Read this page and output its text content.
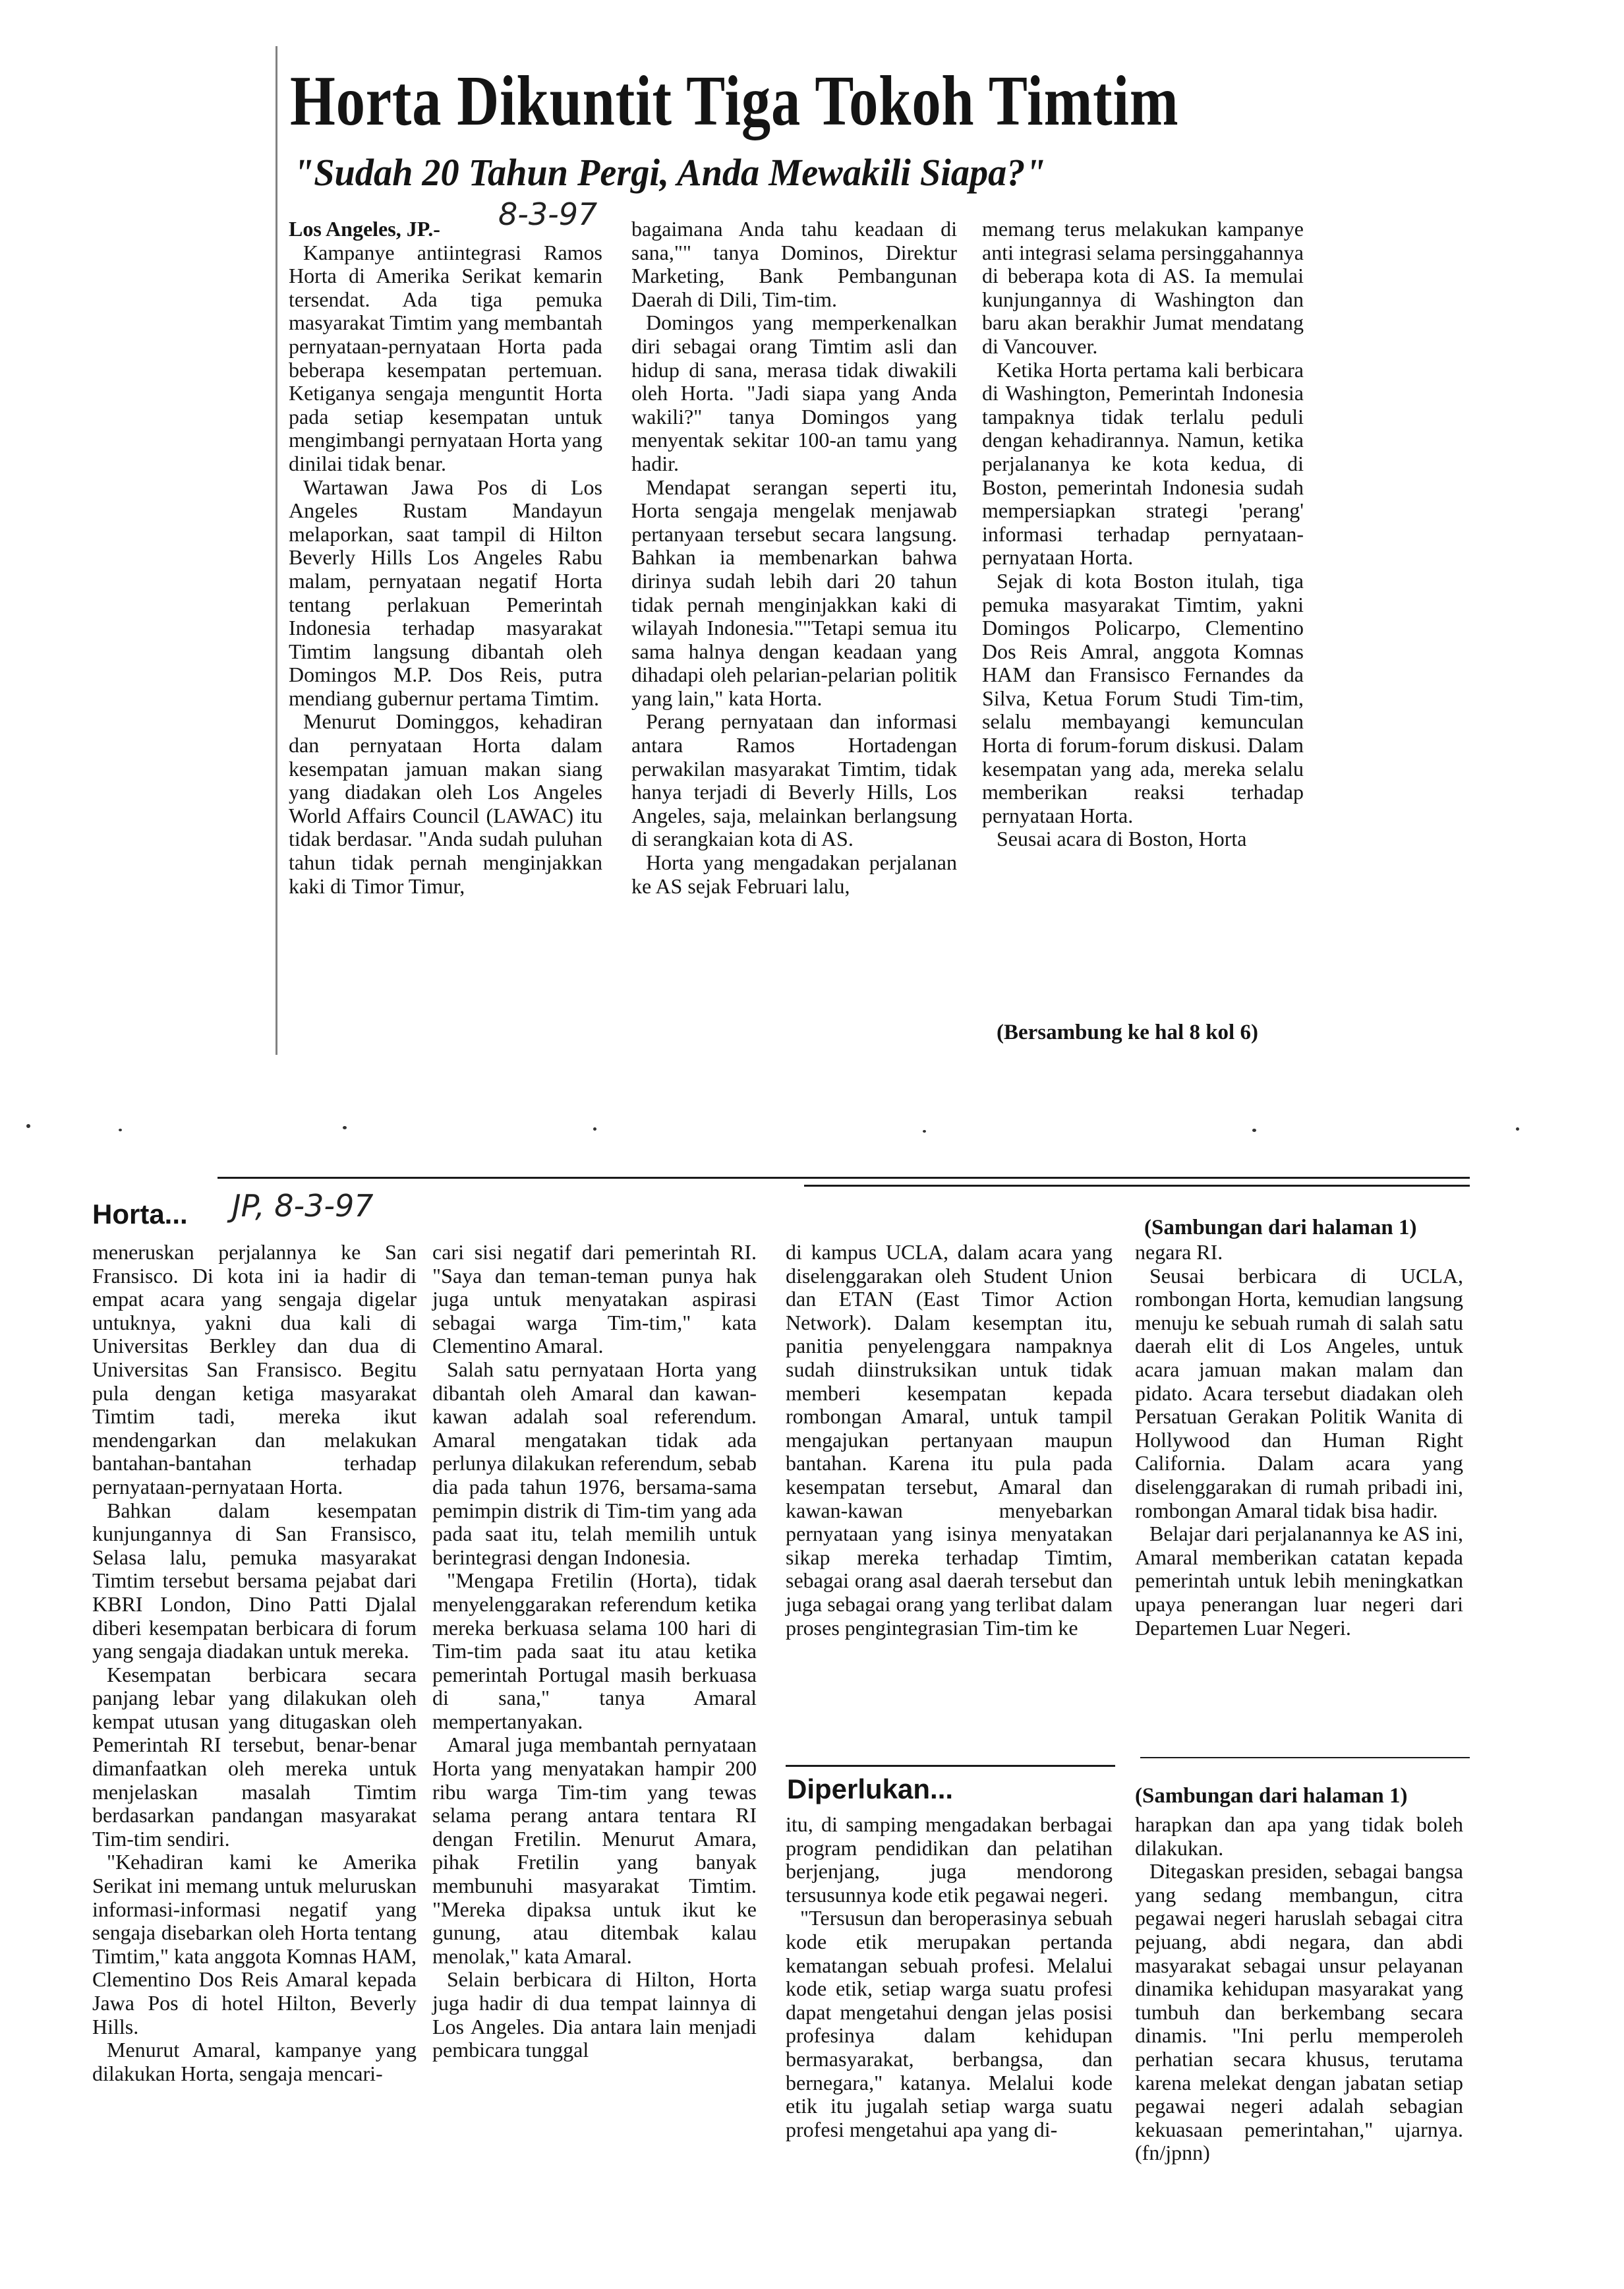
Horta Dikuntit Tiga Tokoh Timtim
"Sudah 20 Tahun Pergi, Anda Mewakili Siapa?"

Los Angeles, JP.-

Kampanye antiintegrasi Ramos Horta di Amerika Serikat kemarin tersendat. Ada tiga pemuka masyarakat Timtim yang membantah pernyataan-pernyataan Horta pada beberapa kesempatan pertemuan. Ketiganya sengaja menguntit Horta pada setiap kesempatan untuk mengimbangi pernyataan Horta yang dinilai tidak benar.

Wartawan Jawa Pos di Los Angeles Rustam Mandayun melaporkan, saat tampil di Hilton Beverly Hills Los Angeles Rabu malam, pernyataan negatif Horta tentang perlakuan Pemerintah Indonesia terhadap masyarakat Timtim langsung dibantah oleh Domingos M.P. Dos Reis, putra mendiang gubernur pertama Timtim.

Menurut Dominggos, kehadiran dan pernyataan Horta dalam kesempatan jamuan makan siang yang diadakan oleh Los Angeles World Affairs Council (LAWAC) itu tidak berdasar. "Anda sudah puluhan tahun tidak pernah menginjakkan kaki di Timor Timur,

8-3-97 bagaimana Anda tahu keadaan di sana,"" tanya Dominos, Direktur Marketing, Bank Pembangunan Daerah di Dili, Tim-tim.

Domingos yang memperkenalkan diri sebagai orang Timtim asli dan hidup di sana, merasa tidak diwakili oleh Horta. "Jadi siapa yang Anda wakili?" tanya Domingos yang menyentak sekitar 100-an tamu yang hadir.

Mendapat serangan seperti itu, Horta sengaja mengelak menjawab pertanyaan tersebut secara langsung. Bahkan ia membenarkan bahwa dirinya sudah lebih dari 20 tahun tidak pernah menginjakkan kaki di wilayah Indonesia.""Tetapi semua itu sama halnya dengan keadaan yang dihadapi oleh pelarian-pelarian politik yang lain," kata Horta.

Perang pernyataan dan informasi antara Ramos Hortadengan perwakilan masyarakat Timtim, tidak hanya terjadi di Beverly Hills, Los Angeles, saja, melainkan berlangsung di serangkaian kota di AS.

Horta yang mengadakan perjalanan ke AS sejak Februari lalu,

memang terus melakukan kampanye anti integrasi selama persinggahannya di beberapa kota di AS. Ia memulai kunjungannya di Washington dan baru akan berakhir Jumat mendatang di Vancouver.

Ketika Horta pertama kali berbicara di Washington, Pemerintah Indonesia tampaknya tidak terlalu peduli dengan kehadirannya. Namun, ketika perjalananya ke kota kedua, di Boston, pemerintah Indonesia sudah mempersiapkan strategi 'perang' informasi terhadap pernyataan-pernyataan Horta.

Sejak di kota Boston itulah, tiga pemuka masyarakat Timtim, yakni Domingos Policarpo, Clementino Dos Reis Amral, anggota Komnas HAM dan Fransisco Fernandes da Silva, Ketua Forum Studi Tim-tim, selalu membayangi kemunculan Horta di forum-forum diskusi. Dalam kesempatan yang ada, mereka selalu memberikan reaksi terhadap pernyataan Horta.

Seusai acara di Boston, Horta

(Bersambung ke hal 8 kol 6)
Horta... JP, 8-3-97

meneruskan perjalannya ke San Fransisco. Di kota ini ia hadir di empat acara yang sengaja digelar untuknya, yakni dua kali di Universitas Berkley dan dua di Universitas San Fransisco. Begitu pula dengan ketiga masyarakat Timtim tadi, mereka ikut mendengarkan dan melakukan bantahan-bantahan terhadap pernyataan-pernyataan Horta.

Bahkan dalam kesempatan kunjungannya di San Fransisco, Selasa lalu, pemuka masyarakat Timtim tersebut bersama pejabat dari KBRI London, Dino Patti Djalal diberi kesempatan berbicara di forum yang sengaja diadakan untuk mereka.

Kesempatan berbicara secara panjang lebar yang dilakukan oleh kempat utusan yang ditugaskan oleh Pemerintah RI tersebut, benar-benar dimanfaatkan oleh mereka untuk menjelaskan masalah Timtim berdasarkan pandangan masyarakat Tim-tim sendiri.

"Kehadiran kami ke Amerika Serikat ini memang untuk meluruskan informasi-informasi negatif yang sengaja disebarkan oleh Horta tentang Timtim," kata anggota Komnas HAM, Clementino Dos Reis Amaral kepada Jawa Pos di hotel Hilton, Beverly Hills.

Menurut Amaral, kampanye yang dilakukan Horta, sengaja mencari-

cari sisi negatif dari pemerintah RI. "Saya dan teman-teman punya hak juga untuk menyatakan aspirasi sebagai warga Tim-tim," kata Clementino Amaral.

Salah satu pernyataan Horta yang dibantah oleh Amaral dan kawan-kawan adalah soal referendum. Amaral mengatakan tidak ada perlunya dilakukan referendum, sebab dia pada tahun 1976, bersama-sama pemimpin distrik di Tim-tim yang ada pada saat itu, telah memilih untuk berintegrasi dengan Indonesia.

"Mengapa Fretilin (Horta), tidak menyelenggarakan referendum ketika mereka berkuasa selama 100 hari di Tim-tim pada saat itu atau ketika pemerintah Portugal masih berkuasa di sana," tanya Amaral mempertanyakan.

Amaral juga membantah pernyataan Horta yang menyatakan hampir 200 ribu warga Tim-tim yang tewas selama perang antara tentara RI dengan Fretilin. Menurut Amara, pihak Fretilin yang banyak membunuhi masyarakat Timtim. "Mereka dipaksa untuk ikut ke gunung, atau ditembak kalau menolak," kata Amaral.

Selain berbicara di Hilton, Horta juga hadir di dua tempat lainnya di Los Angeles. Dia antara lain menjadi pembicara tunggal

di kampus UCLA, dalam acara yang diselenggarakan oleh Student Union dan ETAN (East Timor Action Network). Dalam kesemptan itu, panitia penyelenggara nampaknya sudah diinstruksikan untuk tidak memberi kesempatan kepada rombongan Amaral, untuk tampil mengajukan pertanyaan maupun bantahan. Karena itu pula pada kesempatan tersebut, Amaral dan kawan-kawan menyebarkan pernyataan yang isinya menyatakan sikap mereka terhadap Timtim, sebagai orang asal daerah tersebut dan juga sebagai orang yang terlibat dalam proses pengintegrasian Tim-tim ke

(Sambungan dari halaman 1)

negara RI.

Seusai berbicara di UCLA, rombongan Horta, kemudian langsung menuju ke sebuah rumah di salah satu daerah elit di Los Angeles, untuk acara jamuan makan malam dan pidato. Acara tersebut diadakan oleh Persatuan Gerakan Politik Wanita di Hollywood dan Human Right California. Dalam acara yang diselenggarakan di rumah pribadi ini, rombongan Amaral tidak bisa hadir.

Belajar dari perjalanannya ke AS ini, Amaral memberikan catatan kepada pemerintah untuk lebih meningkatkan upaya penerangan luar negeri dari Departemen Luar Negeri.

Diperlukan...

itu, di samping mengadakan berbagai program pendidikan dan pelatihan berjenjang, juga mendorong tersusunnya kode etik pegawai negeri.

"Tersusun dan beroperasinya sebuah kode etik merupakan pertanda kematangan sebuah profesi. Melalui kode etik, setiap warga suatu profesi dapat mengetahui dengan jelas posisi profesinya dalam kehidupan bermasyarakat, berbangsa, dan bernegara," katanya. Melalui kode etik itu jugalah setiap warga suatu profesi mengetahui apa yang di-

(Sambungan dari halaman 1)

harapkan dan apa yang tidak boleh dilakukan.

Ditegaskan presiden, sebagai bangsa yang sedang membangun, citra pegawai negeri haruslah sebagai citra pejuang, abdi negara, dan abdi masyarakat sebagai unsur pelayanan dinamika kehidupan masyarakat yang tumbuh dan berkembang secara dinamis. "Ini perlu memperoleh perhatian secara khusus, terutama karena melekat dengan jabatan setiap pegawai negeri adalah sebagian kekuasaan pemerintahan," ujarnya. (fn/jpnn)
